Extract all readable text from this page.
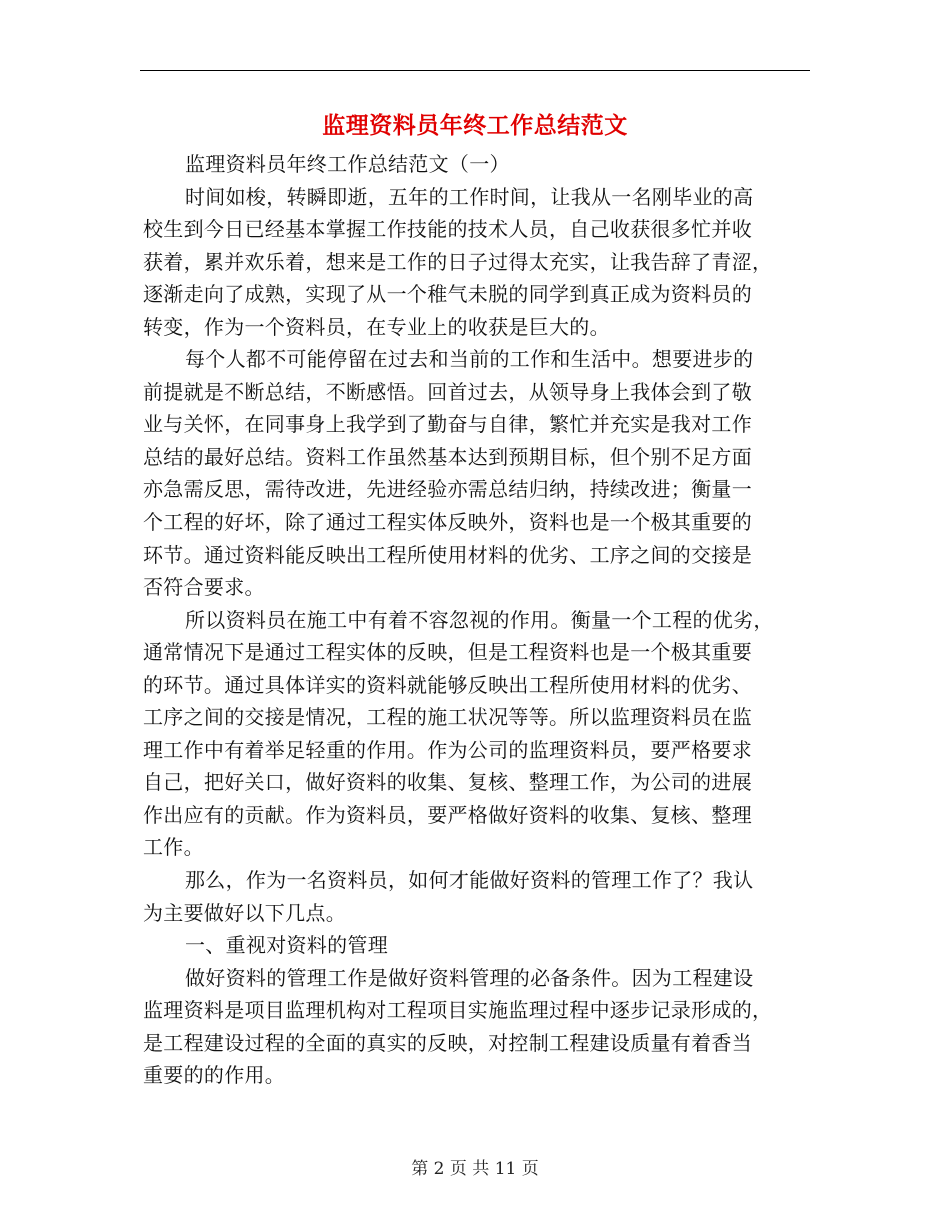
监理资料员年终工作总结范文
监理资料员年终工作总结范文（一）
时间如梭，转瞬即逝，五年的工作时间，让我从一名刚毕业的高
校生到今日已经基本掌握工作技能的技术人员，自己收获很多忙并收
获着，累并欢乐着，想来是工作的日子过得太充实，让我告辞了青涩，
逐渐走向了成熟，实现了从一个稚气未脱的同学到真正成为资料员的
转变，作为一个资料员，在专业上的收获是巨大的。
每个人都不可能停留在过去和当前的工作和生活中。想要进步的
前提就是不断总结，不断感悟。回首过去，从领导身上我体会到了敬
业与关怀，在同事身上我学到了勤奋与自律，繁忙并充实是我对工作
总结的最好总结。资料工作虽然基本达到预期目标，但个别不足方面
亦急需反思，需待改进，先进经验亦需总结归纳，持续改进；衡量一
个工程的好坏，除了通过工程实体反映外，资料也是一个极其重要的
环节。通过资料能反映出工程所使用材料的优劣、工序之间的交接是
否符合要求。
所以资料员在施工中有着不容忽视的作用。衡量一个工程的优劣，
通常情况下是通过工程实体的反映，但是工程资料也是一个极其重要
的环节。通过具体详实的资料就能够反映出工程所使用材料的优劣、
工序之间的交接是情况，工程的施工状况等等。所以监理资料员在监
理工作中有着举足轻重的作用。作为公司的监理资料员，要严格要求
自己，把好关口，做好资料的收集、复核、整理工作，为公司的进展
作出应有的贡献。作为资料员，要严格做好资料的收集、复核、整理
工作。
那么，作为一名资料员，如何才能做好资料的管理工作了？我认
为主要做好以下几点。
一、重视对资料的管理
做好资料的管理工作是做好资料管理的必备条件。因为工程建设
监理资料是项目监理机构对工程项目实施监理过程中逐步记录形成的，
是工程建设过程的全面的真实的反映，对控制工程建设质量有着香当
重要的的作用。
第 2 页 共 11 页
